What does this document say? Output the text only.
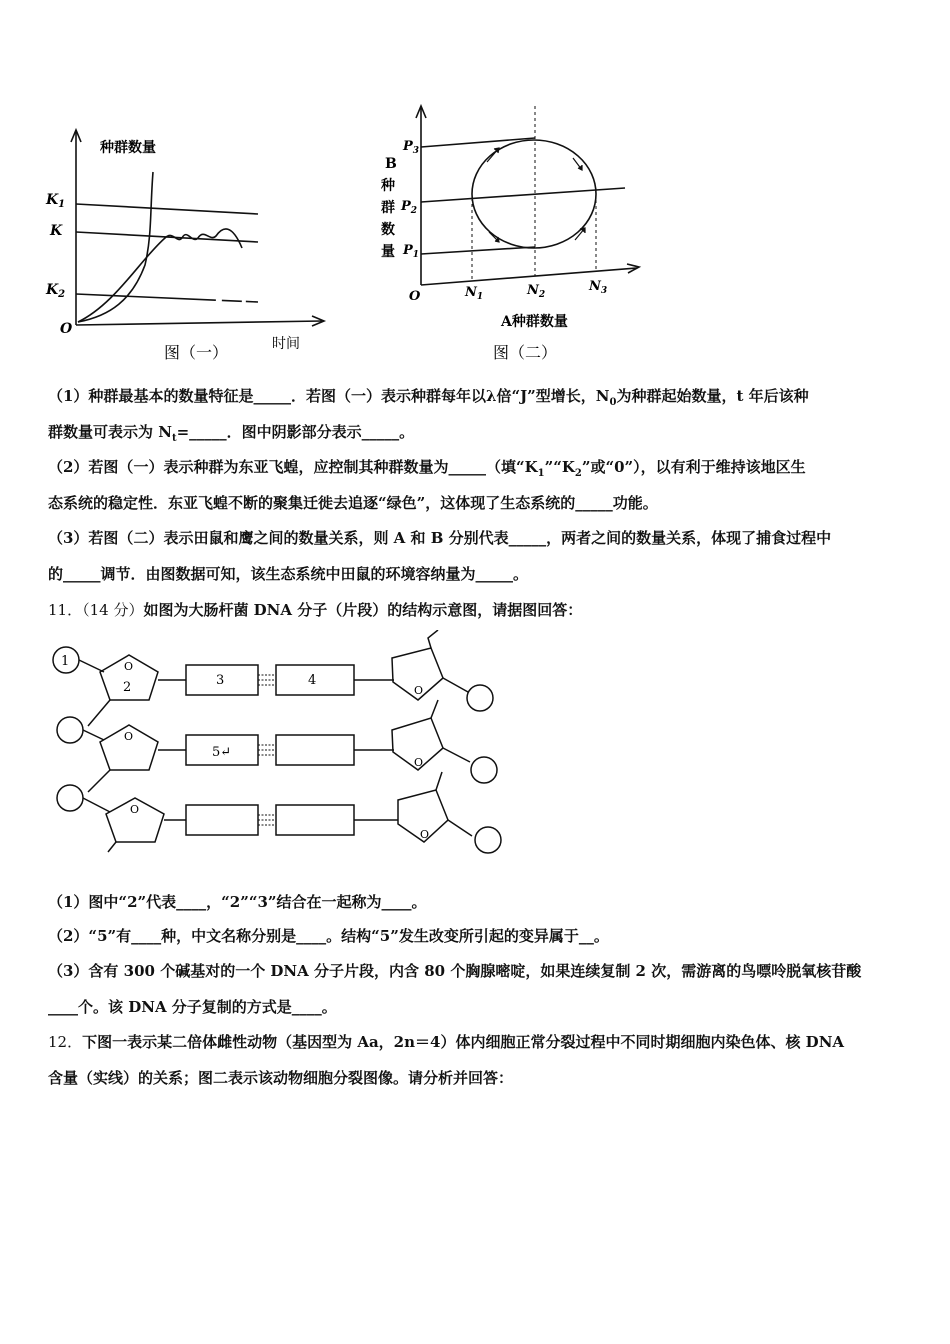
种群数量
$K_1$
K
$K_2$
O
时间
图（一）
B
种
群
数
量
$P_3$
$P_2$
$P_1$
O	$N_1$	$N_2$
$N_3$
A种群数量
图（二）
（1）种群最基本的数量特征是_____．若图（一）表示种群每年以λ倍“J”型增长，$N_0$为种群起始数量，t 年后该种
群数量可表示为 $N_t=\_\_\_\_\_$．图中阴影部分表示_____。
（2）若图（一）表示种群为东亚飞蝗，应控制其种群数量为_____（填“$K_1”“K_2$”或“0”），以有利于维持该地区生
态系统的稳定性．东亚飞蝗不断的聚集迁徙去追逐“绿色”，这体现了生态系统的_____功能。
（3）若图（二）表示田鼠和鹰之间的数量关系，则 A 和 B 分别代表_____，两者之间的数量关系，体现了捕食过程中
的_____调节．由图数据可知，该生态系统中田鼠的环境容纳量为_____。
11．（14 分）如图为大肠杆菌 DNA 分子（片段）的结构示意图，请据图回答：
1
2
O
O
O
O
O
O
3	4
5↵
（1）图中“2”代表____，“2”“3”结合在一起称为____。
（2）“5”有____种，中文名称分别是____。结构“5”发生改变所引起的变异属于__。
（3）含有 300 个碱基对的一个 DNA 分子片段，内含 80 个胸腺嘧啶，如果连续复制 2 次，需游离的鸟嘌呤脱氧核苷酸
____个。该 DNA 分子复制的方式是____。
12．下图一表示某二倍体雌性动物（基因型为 Aa，2n＝4）体内细胞正常分裂过程中不同时期细胞内染色体、核 DNA
含量（实线）的关系；图二表示该动物细胞分裂图像。请分析并回答：
